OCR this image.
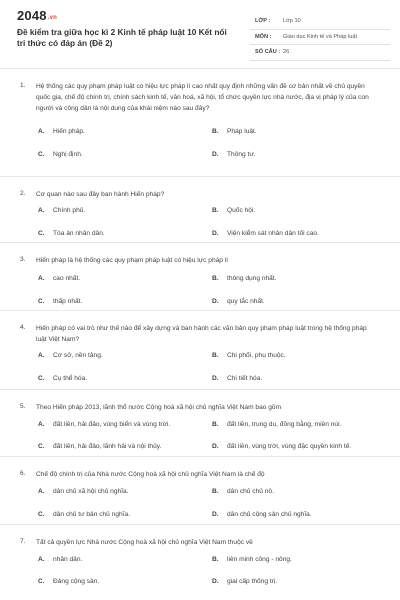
2048.vn
Đề kiểm tra giữa học kì 2 Kinh tế pháp luật 10 Kết nối tri thức có đáp án (Đề 2)
LỚP : Lớp 10
MÔN : Giáo dục Kinh tế và Pháp luật
SỐ CÂU : 26
1. Hệ thống các quy phạm pháp luật có hiệu lực pháp lí cao nhất quy định những vấn đề cơ bản nhất về chủ quyền quốc gia, chế độ chính trị, chính sách kinh tế, văn hoá, xã hội, tổ chức quyền lực nhà nước, địa vị pháp lý của con người và công dân là nội dung của khái niệm nào sau đây?
A. Hiến pháp.	B. Pháp luật.
C. Nghị định.	D. Thông tư.
2. Cơ quan nào sau đây ban hành Hiến pháp?
A. Chính phủ.	B. Quốc hội.
C. Tòa án nhân dân.	D. Viện kiểm sát nhân dân tối cao.
3. Hiến pháp là hệ thống các quy phạm pháp luật có hiệu lực pháp lí
A. cao nhất.	B. thông dụng nhất.
C. thấp nhất.	D. quy tắc nhất.
4. Hiến pháp có vai trò như thế nào để xây dựng và ban hành các văn bản quy phạm pháp luật trong hệ thống pháp luật Việt Nam?
A. Cơ sở, nền tảng.	B. Chi phối, phụ thuộc.
C. Cụ thể hóa.	D. Chi tiết hóa.
5. Theo Hiến pháp 2013, lãnh thổ nước Cộng hoà xã hội chủ nghĩa Việt Nam bao gồm
A. đất liền, hải đảo, vùng biển và vùng trời.	B. đất liền, trung du, đồng bằng, miền núi.
C. đất liền, hải đảo, lãnh hải và nội thủy.	D. đất liền, vùng trời, vùng đặc quyền kinh tế.
6. Chế độ chính trị của Nhà nước Cộng hoà xã hội chủ nghĩa Việt Nam là chế độ
A. dân chủ xã hội chủ nghĩa.	B. dân chủ chủ nô.
C. dân chủ tư bản chủ nghĩa.	D. dân chủ cộng sản chủ nghĩa.
7. Tất cả quyền lực Nhà nước Cộng hoà xã hội chủ nghĩa Việt Nam thuộc về
A. nhân dân.	B. liên minh công - nông.
C. Đảng cộng sản.	D. giai cấp thống trị.
